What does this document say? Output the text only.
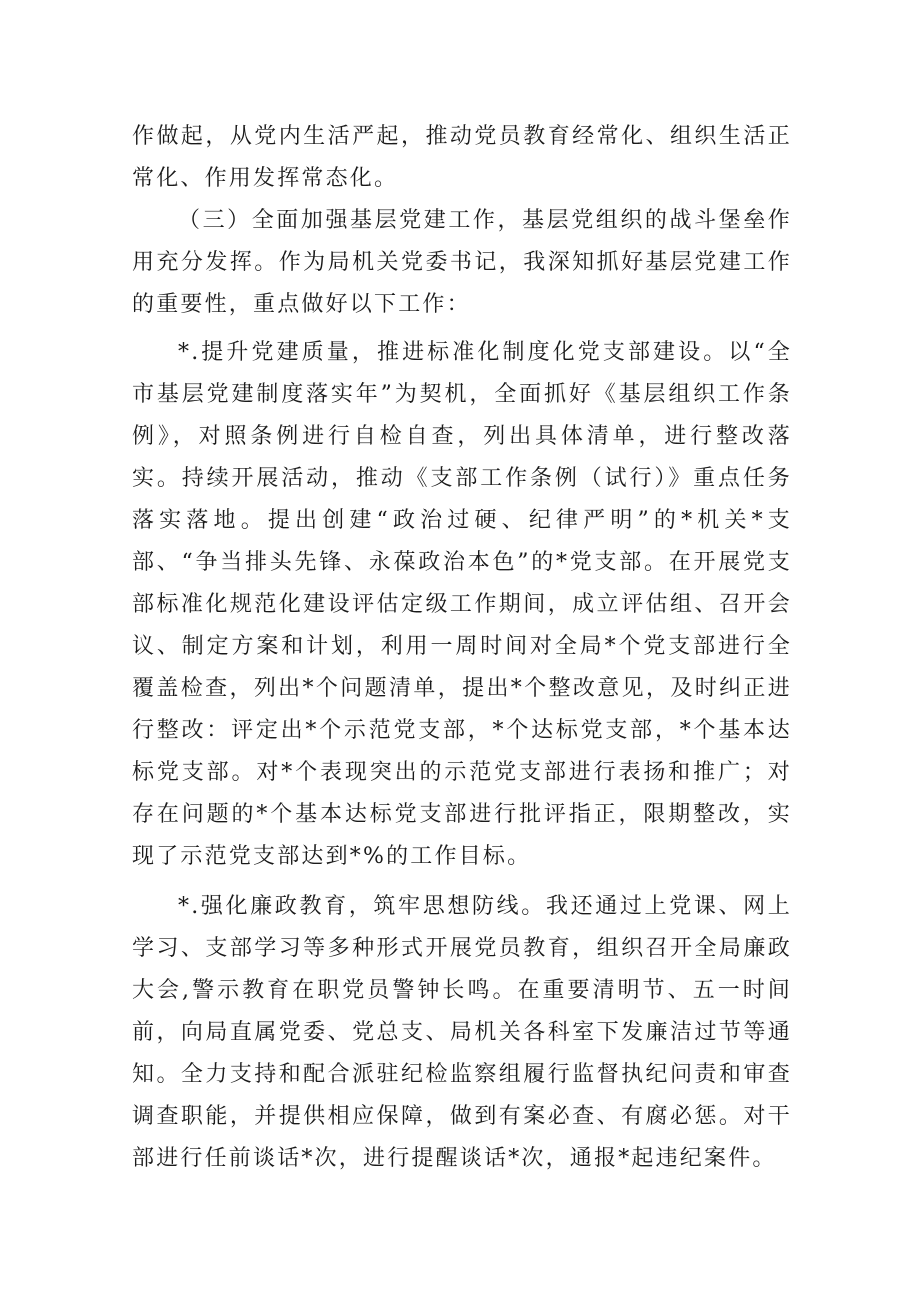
作做起，从党内生活严起，推动党员教育经常化、组织生活正常化、作用发挥常态化。

（三）全面加强基层党建工作，基层党组织的战斗堡垒作用充分发挥。作为局机关党委书记，我深知抓好基层党建工作的重要性，重点做好以下工作：

*.提升党建质量，推进标准化制度化党支部建设。以“全市基层党建制度落实年”为契机，全面抓好《基层组织工作条例》，对照条例进行自检自查，列出具体清单，进行整改落实。持续开展活动，推动《支部工作条例（试行）》重点任务落实落地。提出创建“政治过硬、纪律严明”的*机关*支部、“争当排头先锋、永葆政治本色”的*党支部。在开展党支部标准化规范化建设评估定级工作期间，成立评估组、召开会议、制定方案和计划，利用一周时间对全局*个党支部进行全覆盖检查，列出*个问题清单，提出*个整改意见，及时纠正进行整改：评定出*个示范党支部，*个达标党支部，*个基本达标党支部。对*个表现突出的示范党支部进行表扬和推广；对存在问题的*个基本达标党支部进行批评指正，限期整改，实现了示范党支部达到*%的工作目标。

*.强化廉政教育，筑牢思想防线。我还通过上党课、网上学习、支部学习等多种形式开展党员教育，组织召开全局廉政大会,警示教育在职党员警钟长鸣。在重要清明节、五一时间前，向局直属党委、党总支、局机关各科室下发廉洁过节等通知。全力支持和配合派驻纪检监察组履行监督执纪问责和审查调查职能，并提供相应保障，做到有案必查、有腐必惩。对干部进行任前谈话*次，进行提醒谈话*次，通报*起违纪案件。
